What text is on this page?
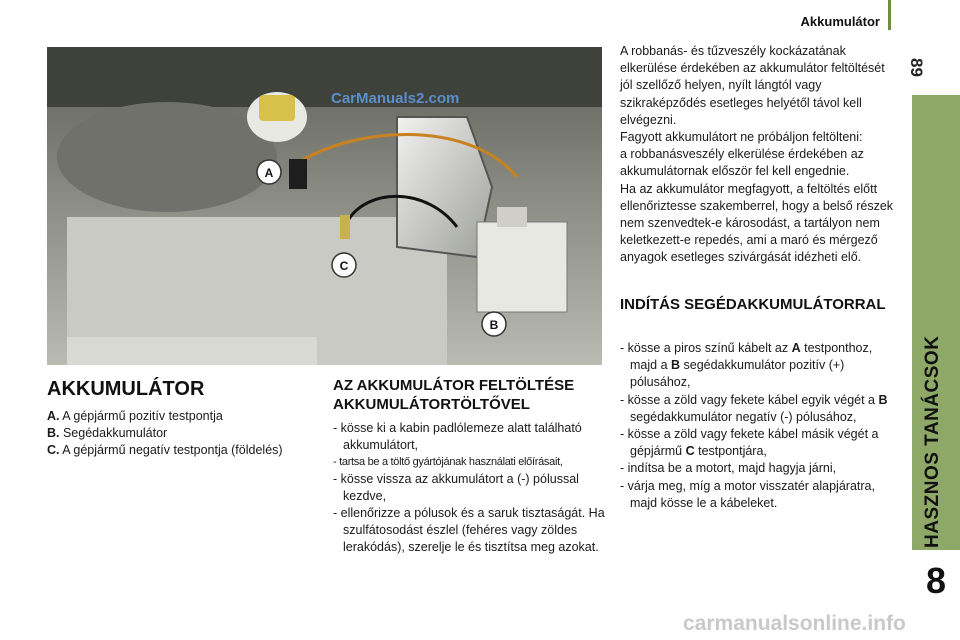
Akkumulátor
89
HASZNOS TANÁCSOK
8
A
C
B
CarManuals2.com
AKKUMULÁTOR
A. A gépjármű pozitív testpontja
B. Segédakkumulátor
C. A gépjármű negatív testpontja (földelés)
AZ AKKUMULÁTOR FELTÖLTÉSE AKKUMULÁTORTÖLTŐVEL
- kösse ki a kabin padlólemeze alatt található akkumulátort,
- tartsa be a töltő gyártójának használati előírásait,
- kösse vissza az akkumulátort a (-) pólussal kezdve,
- ellenőrizze a pólusok és a saruk tisztaságát. Ha szulfátosodást észlel (fehéres vagy zöldes lerakódás), szerelje le és tisztítsa meg azokat.
A robbanás- és tűzveszély kockázatának elkerülése érdekében az akkumulátor feltöltését jól szellőző helyen, nyílt lángtól vagy szikraképződés esetleges helyétől távol kell elvégezni.
Fagyott akkumulátort ne próbáljon feltölteni:
a robbanásveszély elkerülése érdekében az akkumulátornak először fel kell engednie.
Ha az akkumulátor megfagyott, a feltöltés előtt ellenőriztesse szakemberrel, hogy a belső részek nem szenvedtek-e károsodást, a tartályon nem keletkezett-e repedés, ami a maró és mérgező anyagok esetleges szivárgását idézheti elő.
INDÍTÁS SEGÉDAKKUMULÁTORRAL
- kösse a piros színű kábelt az A testponthoz, majd a B segédakkumulátor pozitív (+) pólusához,
- kösse a zöld vagy fekete kábel egyik végét a B segédakkumulátor negatív (-) pólusához,
- kösse a zöld vagy fekete kábel másik végét a gépjármű C testpontjára,
- indítsa be a motort, majd hagyja járni,
- várja meg, míg a motor visszatér alapjáratra, majd kösse le a kábeleket.
carmanualsonline.info
